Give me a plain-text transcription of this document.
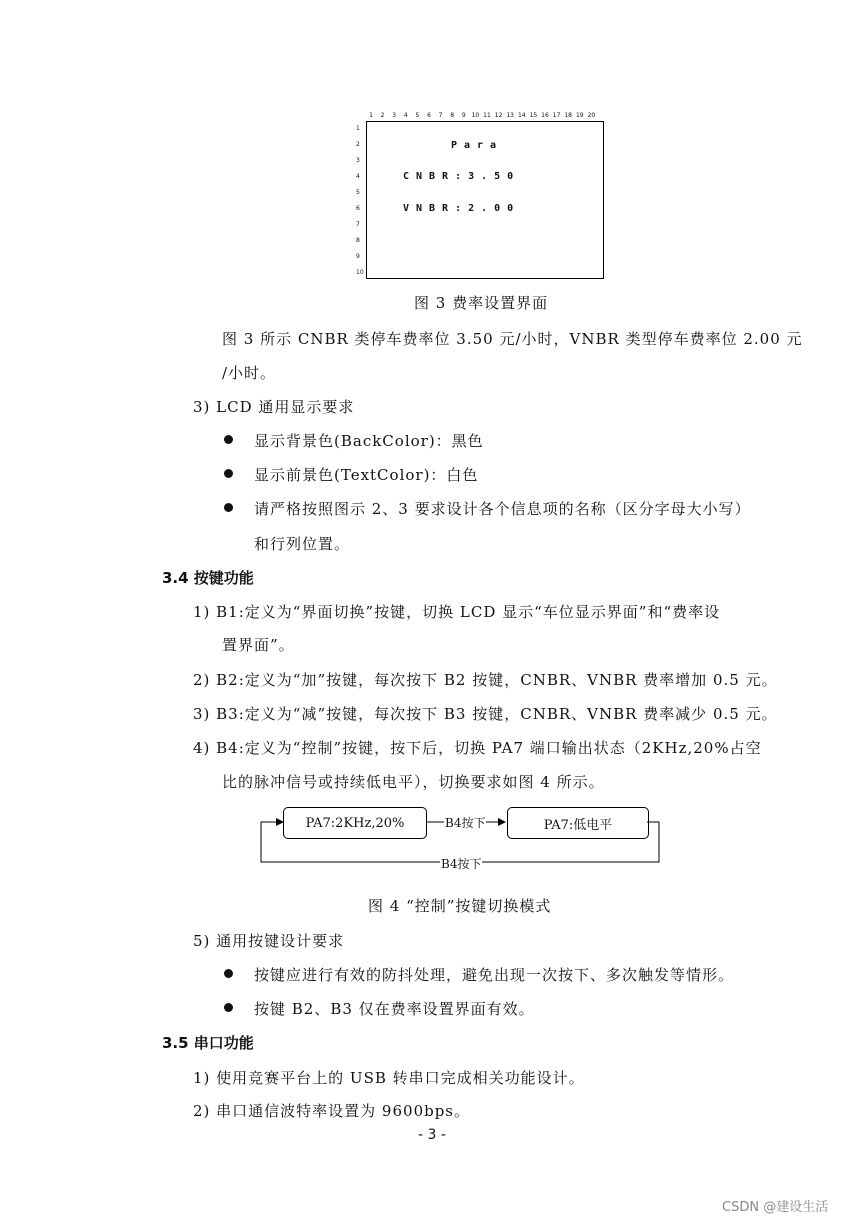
1 2 3 4 5 6 7 8 9 10 11 12 13 14 15 16 17 18 19 20
1
2
3
4
5
6
7
8
9
10
Para
CNBR:3.50
VNBR:2.00
图 3 费率设置界面
图 3 所示 CNBR 类停车费率位 3.50 元/小时，VNBR 类型停车费率位 2.00 元
/小时。
3) LCD 通用显示要求
显示背景色(BackColor)：黑色
显示前景色(TextColor)：白色
请严格按照图示 2、3 要求设计各个信息项的名称（区分字母大小写）
和行列位置。
3.4 按键功能
1) B1:定义为“界面切换”按键，切换 LCD 显示“车位显示界面”和“费率设
置界面”。
2) B2:定义为“加”按键，每次按下 B2 按键，CNBR、VNBR 费率增加 0.5 元。
3) B3:定义为“减”按键，每次按下 B3 按键，CNBR、VNBR 费率减少 0.5 元。
4) B4:定义为“控制”按键，按下后，切换 PA7 端口输出状态（2KHz,20%占空
比的脉冲信号或持续低电平），切换要求如图 4 所示。
PA7:2KHz,20%	PA7:低电平
B4按下
B4按下
图 4 “控制”按键切换模式
5) 通用按键设计要求
按键应进行有效的防抖处理，避免出现一次按下、多次触发等情形。
按键 B2、B3 仅在费率设置界面有效。
3.5 串口功能
1) 使用竞赛平台上的 USB 转串口完成相关功能设计。
2) 串口通信波特率设置为 9600bps。
- 3 -
CSDN @建设生活
